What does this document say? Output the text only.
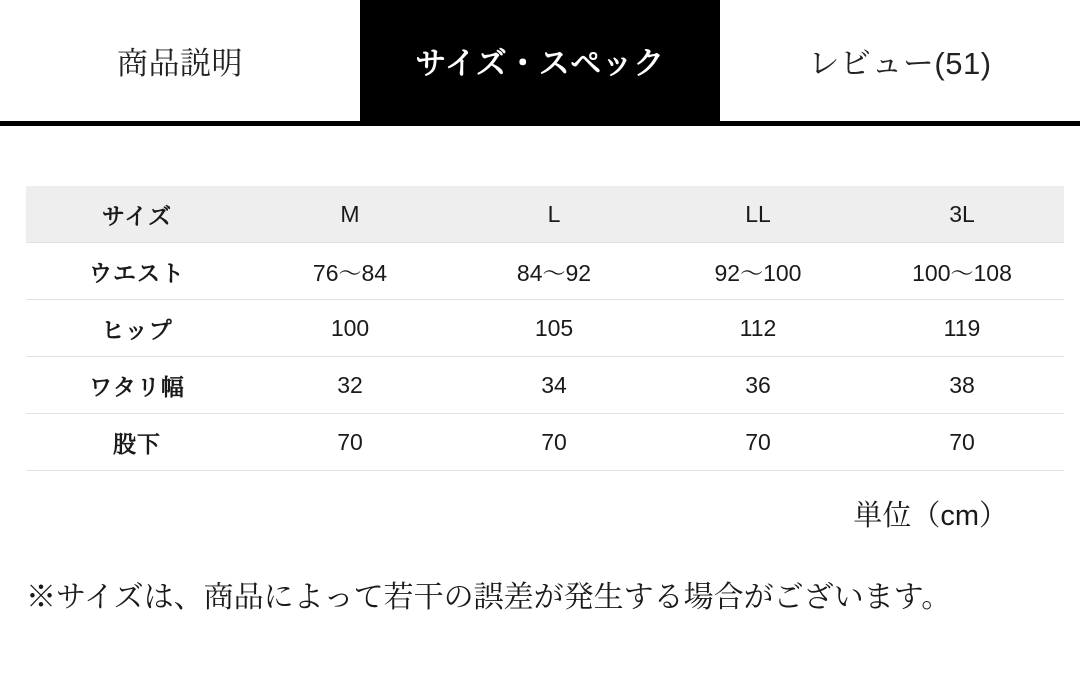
商品説明	サイズ・スペック	レビュー(51)
サイズ	M	L	LL	3L
ウエスト	76〜84	84〜92	92〜100	100〜108
ヒップ	100	105	112	119
ワタリ幅	32	34	36	38
股下	70	70	70	70
単位（cm）
※サイズは、商品によって若干の誤差が発生する場合がございます。
